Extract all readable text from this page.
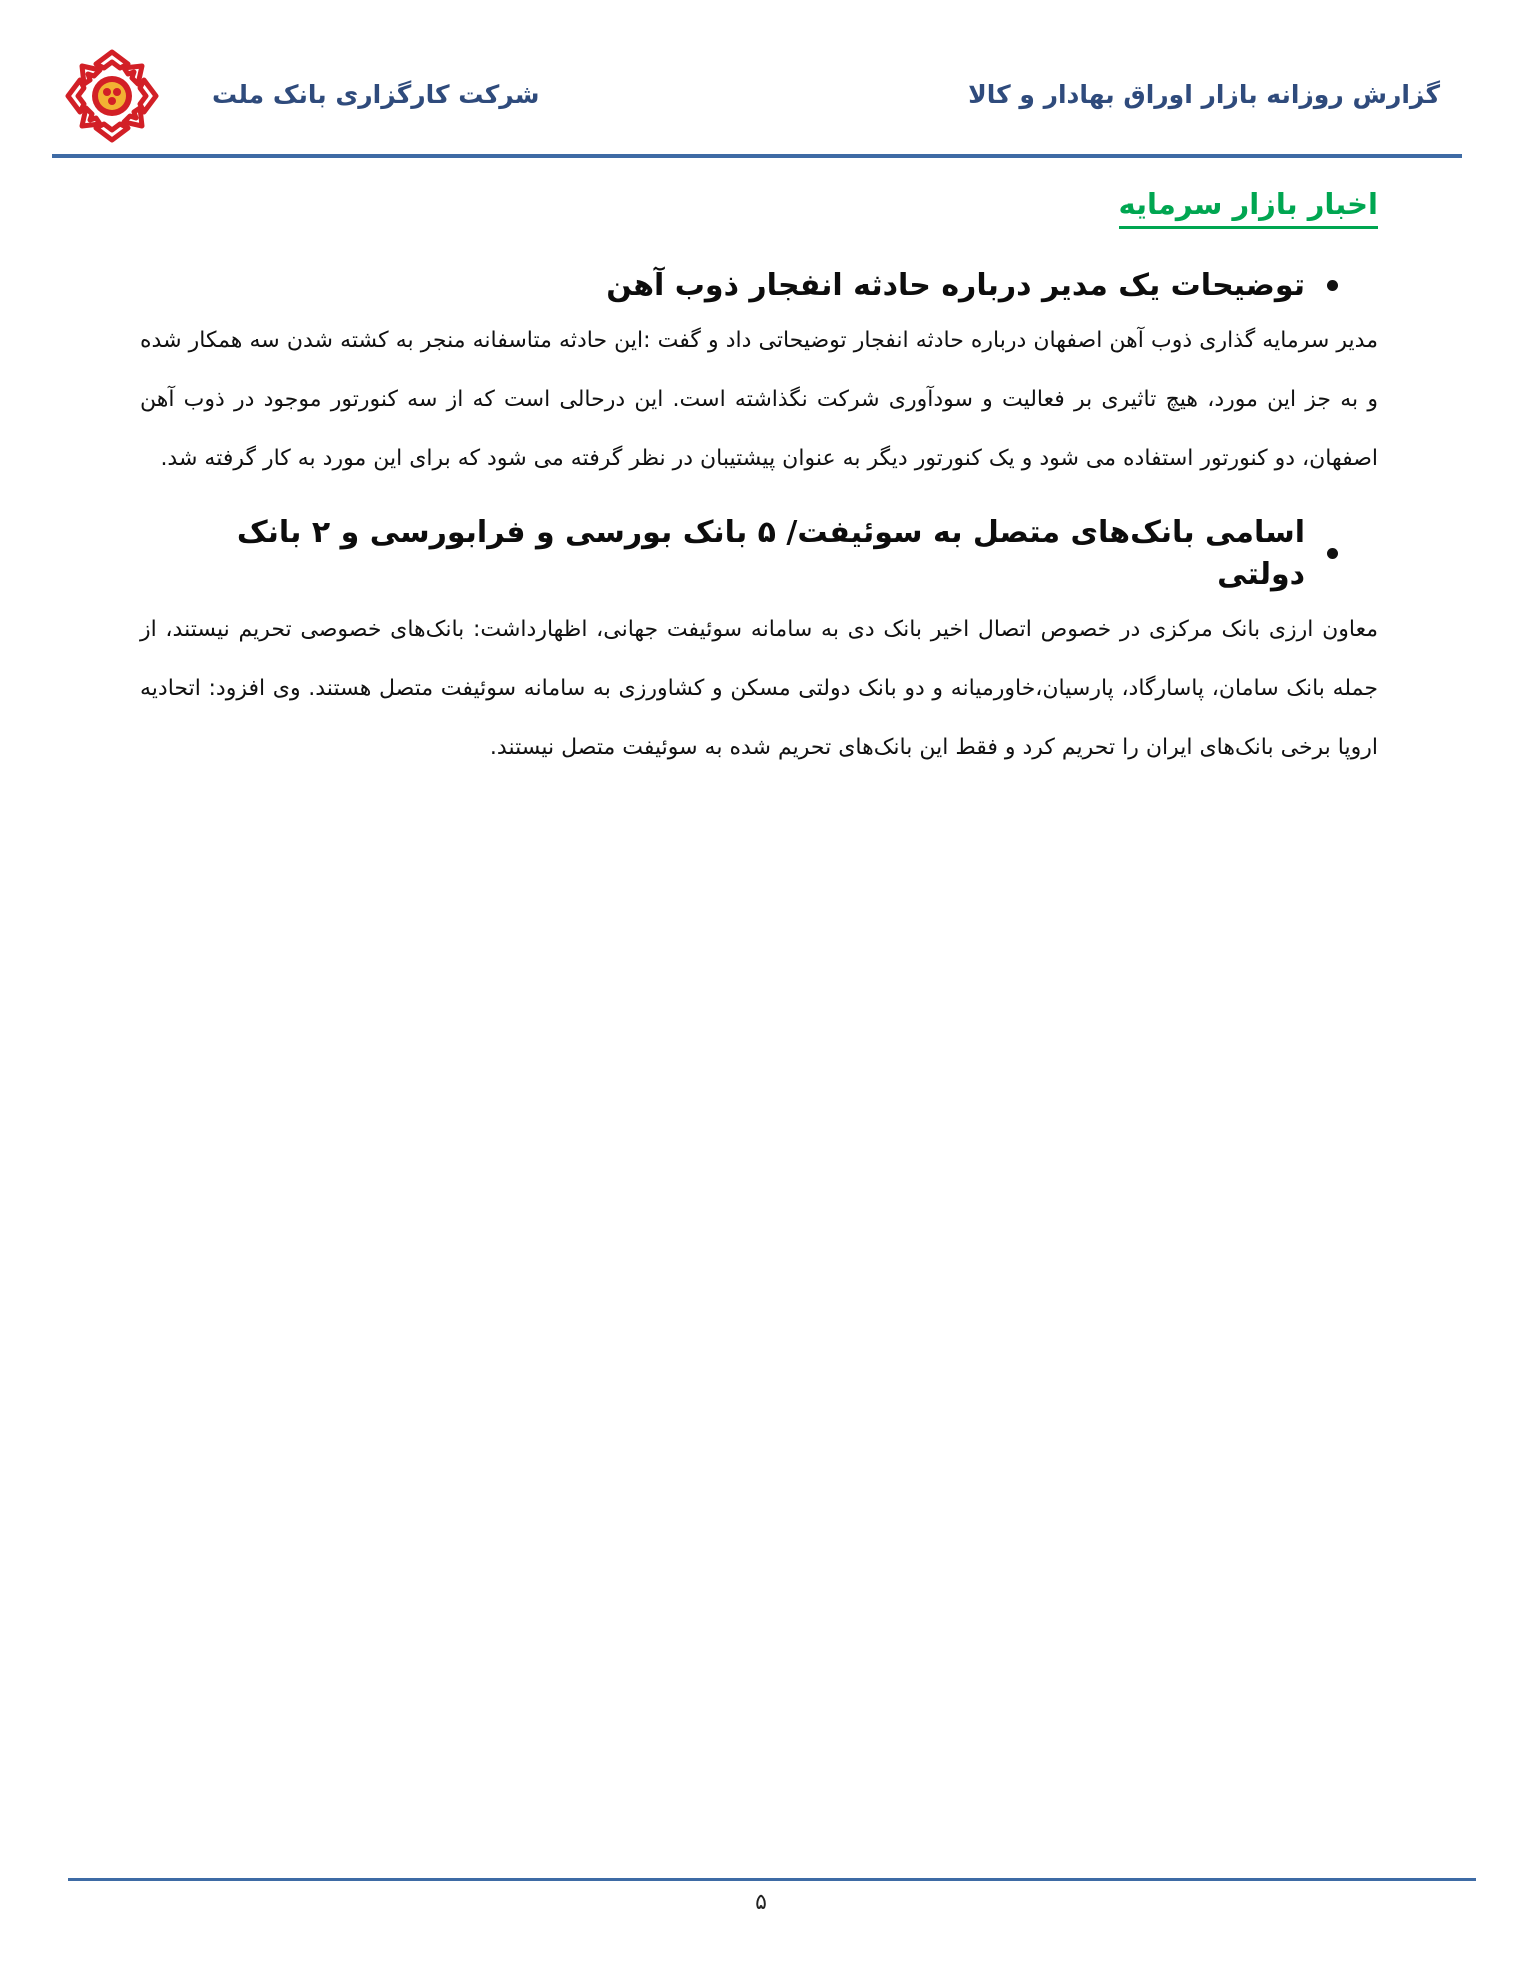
شرکت کارگزاری بانک ملت	گزارش روزانه بازار اوراق بهادار و کالا
اخبار بازار سرمایه
توضیحات یک مدیر درباره حادثه انفجار ذوب آهن

مدیر سرمایه گذاری ذوب آهن اصفهان درباره حادثه انفجار توضیحاتی داد و گفت :این حادثه متاسفانه منجر به کشته شدن سه همکار شده و به جز این مورد، هیچ تاثیری بر فعالیت و سودآوری شرکت نگذاشته است. این درحالی است که از سه کنورتور موجود در ذوب آهن اصفهان، دو کنورتور استفاده می شود و یک کنورتور دیگر به عنوان پیشتیبان در نظر گرفته می شود که برای این مورد به کار گرفته شد.

اسامی بانک‌های متصل به سوئیفت/ ۵ بانک بورسی و فرابورسی و ۲ بانک دولتی

معاون ارزی بانک مرکزی در خصوص اتصال اخیر بانک دی به سامانه سوئیفت جهانی، اظهارداشت: بانک‌های خصوصی تحریم نیستند، از جمله بانک سامان، پاسارگاد، پارسیان،خاورمیانه و دو بانک دولتی مسکن و کشاورزی به سامانه سوئیفت متصل هستند. وی افزود: اتحادیه اروپا برخی بانک‌های ایران را تحریم کرد و فقط این بانک‌های تحریم شده به سوئیفت متصل نیستند.

۵
